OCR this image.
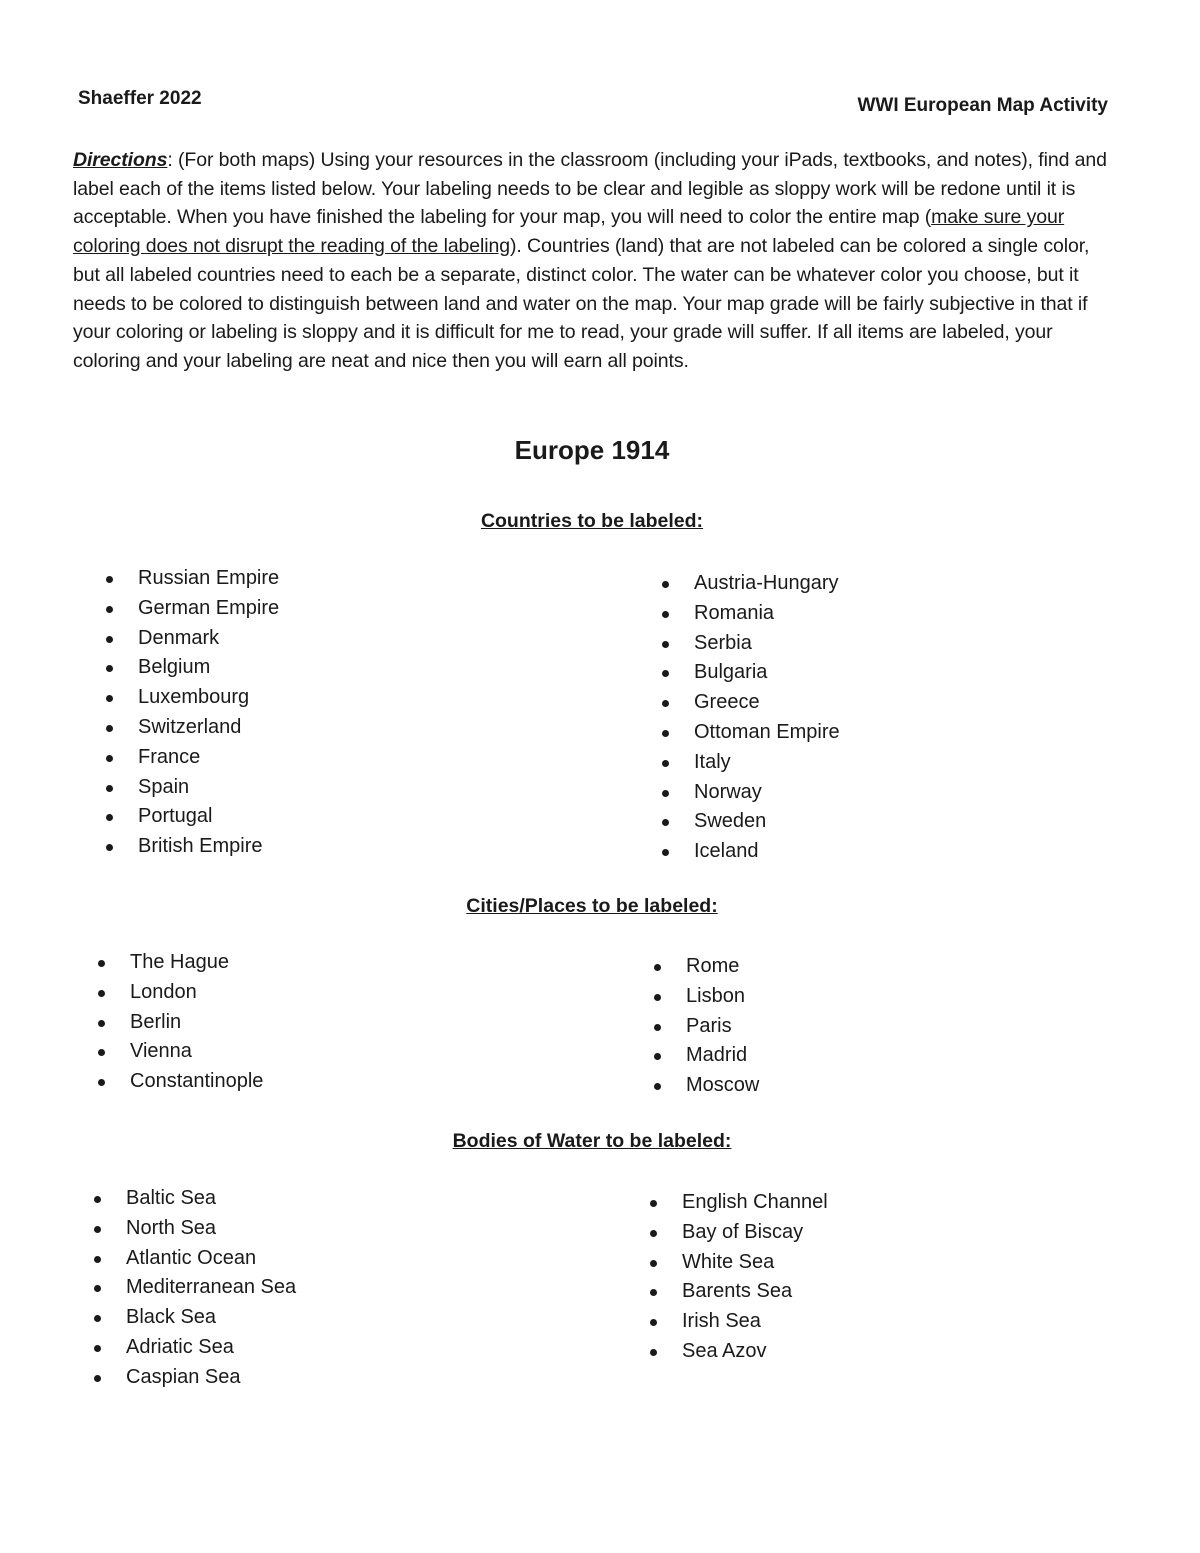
Shaeffer 2022	WWI European Map Activity
Directions: (For both maps) Using your resources in the classroom (including your iPads, textbooks, and notes), find and label each of the items listed below. Your labeling needs to be clear and legible as sloppy work will be redone until it is acceptable. When you have finished the labeling for your map, you will need to color the entire map (make sure your coloring does not disrupt the reading of the labeling). Countries (land) that are not labeled can be colored a single color, but all labeled countries need to each be a separate, distinct color. The water can be whatever color you choose, but it needs to be colored to distinguish between land and water on the map. Your map grade will be fairly subjective in that if your coloring or labeling is sloppy and it is difficult for me to read, your grade will suffer. If all items are labeled, your coloring and your labeling are neat and nice then you will earn all points.
Europe 1914
Countries to be labeled:
Russian Empire
German Empire
Denmark
Belgium
Luxembourg
Switzerland
France
Spain
Portugal
British Empire
Austria-Hungary
Romania
Serbia
Bulgaria
Greece
Ottoman Empire
Italy
Norway
Sweden
Iceland
Cities/Places to be labeled:
The Hague
London
Berlin
Vienna
Constantinople
Rome
Lisbon
Paris
Madrid
Moscow
Bodies of Water to be labeled:
Baltic Sea
North Sea
Atlantic Ocean
Mediterranean Sea
Black Sea
Adriatic Sea
Caspian Sea
English Channel
Bay of Biscay
White Sea
Barents Sea
Irish Sea
Sea Azov
